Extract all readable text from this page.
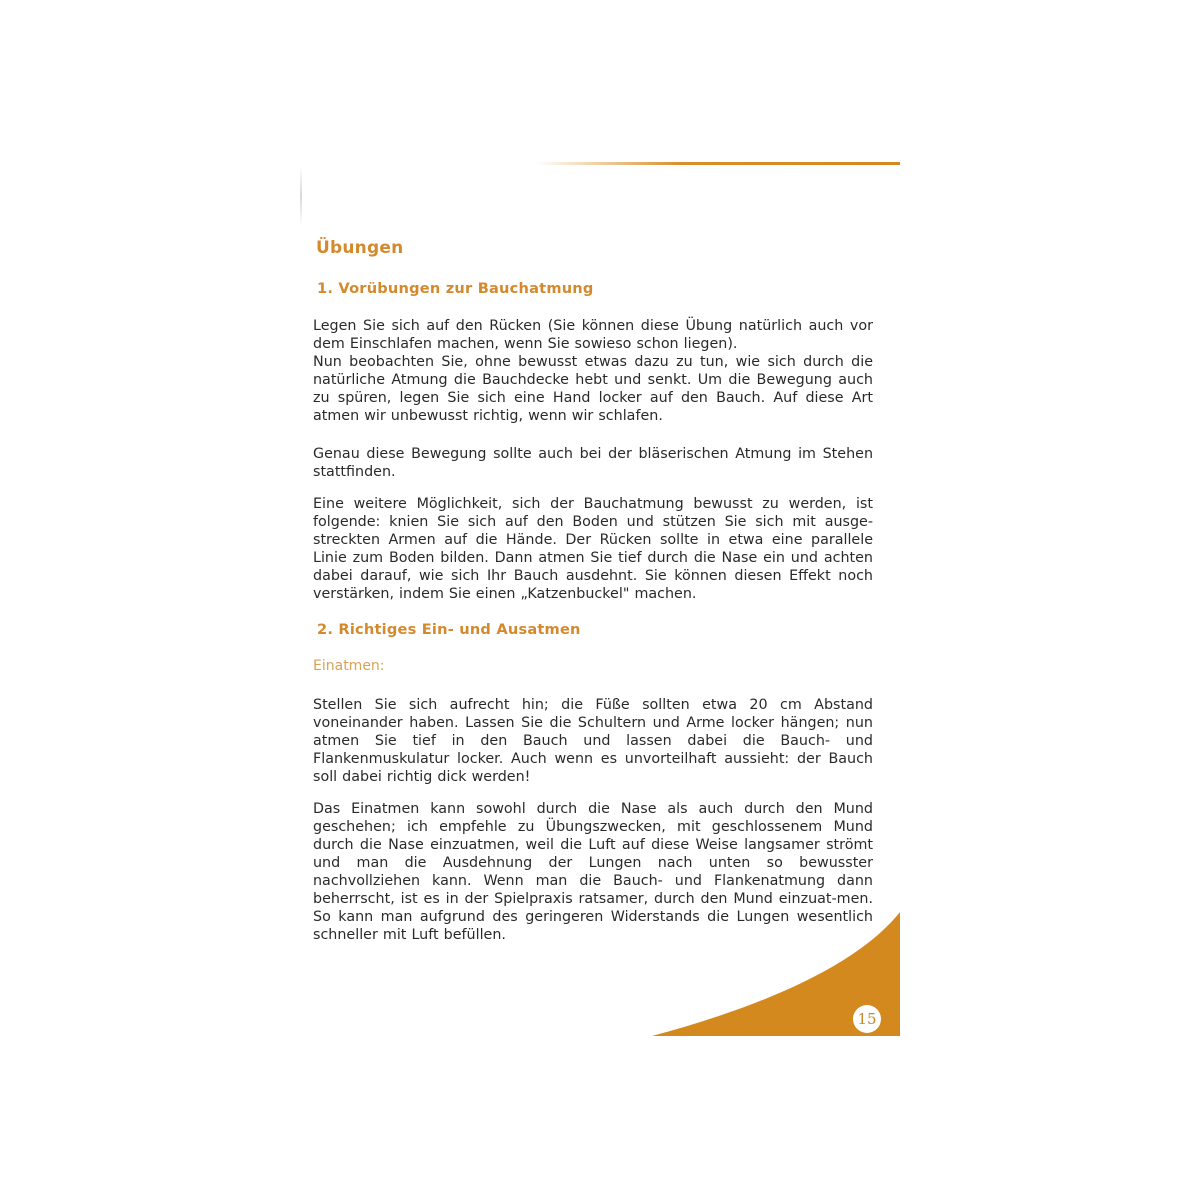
Übungen
1. Vorübungen zur Bauchatmung

Legen Sie sich auf den Rücken (Sie können diese Übung natürlich auch vor dem Einschlafen machen, wenn Sie sowieso schon liegen).

Nun beobachten Sie, ohne bewusst etwas dazu zu tun, wie sich durch die natürliche Atmung die Bauchdecke hebt und senkt. Um die Bewegung auch zu spüren, legen Sie sich eine Hand locker auf den Bauch. Auf diese Art atmen wir unbewusst richtig, wenn wir schlafen.

Genau diese Bewegung sollte auch bei der bläserischen Atmung im Stehen stattfinden.

Eine weitere Möglichkeit, sich der Bauchatmung bewusst zu werden, ist folgende: knien Sie sich auf den Boden und stützen Sie sich mit ausge-streckten Armen auf die Hände. Der Rücken sollte in etwa eine parallele Linie zum Boden bilden. Dann atmen Sie tief durch die Nase ein und achten dabei darauf, wie sich Ihr Bauch ausdehnt. Sie können diesen Effekt noch verstärken, indem Sie einen „Katzenbuckel" machen.

2. Richtiges Ein- und Ausatmen
Einatmen:

Stellen Sie sich aufrecht hin; die Füße sollten etwa 20 cm Abstand voneinander haben. Lassen Sie die Schultern und Arme locker hängen; nun atmen Sie tief in den Bauch und lassen dabei die Bauch- und Flankenmuskulatur locker. Auch wenn es unvorteilhaft aussieht: der Bauch soll dabei richtig dick werden!

Das Einatmen kann sowohl durch die Nase als auch durch den Mund geschehen; ich empfehle zu Übungszwecken, mit geschlossenem Mund durch die Nase einzuatmen, weil die Luft auf diese Weise langsamer strömt und man die Ausdehnung der Lungen nach unten so bewusster nachvollziehen kann. Wenn man die Bauch- und Flankenatmung dann beherrscht, ist es in der Spielpraxis ratsamer, durch den Mund einzuat-men. So kann man aufgrund des geringeren Widerstands die Lungen wesentlich schneller mit Luft befüllen.

15
